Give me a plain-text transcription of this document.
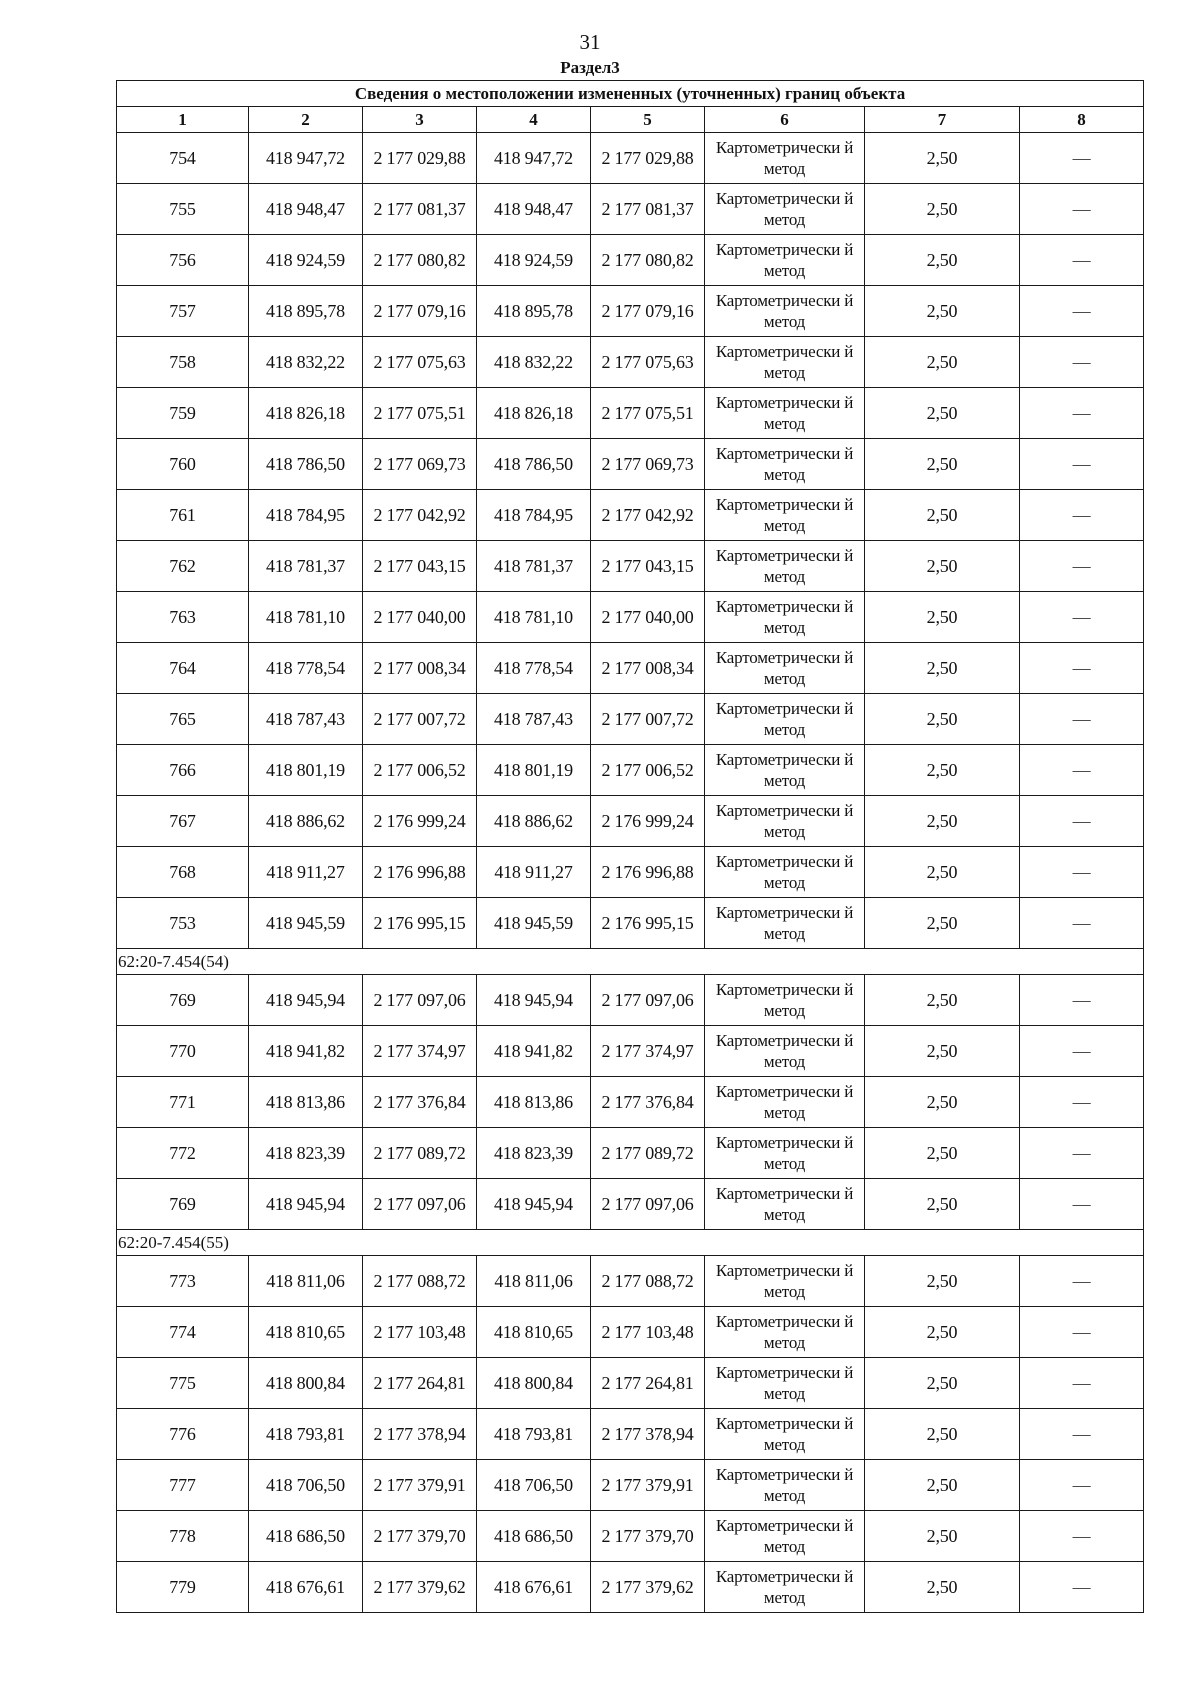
31
Раздел3
Сведения о местоположении измененных (уточненных) границ объекта							
1	2	3	4	5	6	7	8
754	418 947,72	2 177 029,88	418 947,72	2 177 029,88	Картометрически й метод	2,50	—
755	418 948,47	2 177 081,37	418 948,47	2 177 081,37	Картометрически й метод	2,50	—
756	418 924,59	2 177 080,82	418 924,59	2 177 080,82	Картометрически й метод	2,50	—
757	418 895,78	2 177 079,16	418 895,78	2 177 079,16	Картометрически й метод	2,50	—
758	418 832,22	2 177 075,63	418 832,22	2 177 075,63	Картометрически й метод	2,50	—
759	418 826,18	2 177 075,51	418 826,18	2 177 075,51	Картометрически й метод	2,50	—
760	418 786,50	2 177 069,73	418 786,50	2 177 069,73	Картометрически й метод	2,50	—
761	418 784,95	2 177 042,92	418 784,95	2 177 042,92	Картометрически й метод	2,50	—
762	418 781,37	2 177 043,15	418 781,37	2 177 043,15	Картометрически й метод	2,50	—
763	418 781,10	2 177 040,00	418 781,10	2 177 040,00	Картометрически й метод	2,50	—
764	418 778,54	2 177 008,34	418 778,54	2 177 008,34	Картометрически й метод	2,50	—
765	418 787,43	2 177 007,72	418 787,43	2 177 007,72	Картометрически й метод	2,50	—
766	418 801,19	2 177 006,52	418 801,19	2 177 006,52	Картометрически й метод	2,50	—
767	418 886,62	2 176 999,24	418 886,62	2 176 999,24	Картометрически й метод	2,50	—
768	418 911,27	2 176 996,88	418 911,27	2 176 996,88	Картометрически й метод	2,50	—
753	418 945,59	2 176 995,15	418 945,59	2 176 995,15	Картометрически й метод	2,50	—
62:20-7.454(54)							
769	418 945,94	2 177 097,06	418 945,94	2 177 097,06	Картометрически й метод	2,50	—
770	418 941,82	2 177 374,97	418 941,82	2 177 374,97	Картометрически й метод	2,50	—
771	418 813,86	2 177 376,84	418 813,86	2 177 376,84	Картометрически й метод	2,50	—
772	418 823,39	2 177 089,72	418 823,39	2 177 089,72	Картометрически й метод	2,50	—
769	418 945,94	2 177 097,06	418 945,94	2 177 097,06	Картометрически й метод	2,50	—
62:20-7.454(55)							
773	418 811,06	2 177 088,72	418 811,06	2 177 088,72	Картометрически й метод	2,50	—
774	418 810,65	2 177 103,48	418 810,65	2 177 103,48	Картометрически й метод	2,50	—
775	418 800,84	2 177 264,81	418 800,84	2 177 264,81	Картометрически й метод	2,50	—
776	418 793,81	2 177 378,94	418 793,81	2 177 378,94	Картометрически й метод	2,50	—
777	418 706,50	2 177 379,91	418 706,50	2 177 379,91	Картометрически й метод	2,50	—
778	418 686,50	2 177 379,70	418 686,50	2 177 379,70	Картометрически й метод	2,50	—
779	418 676,61	2 177 379,62	418 676,61	2 177 379,62	Картометрически й метод	2,50	—
